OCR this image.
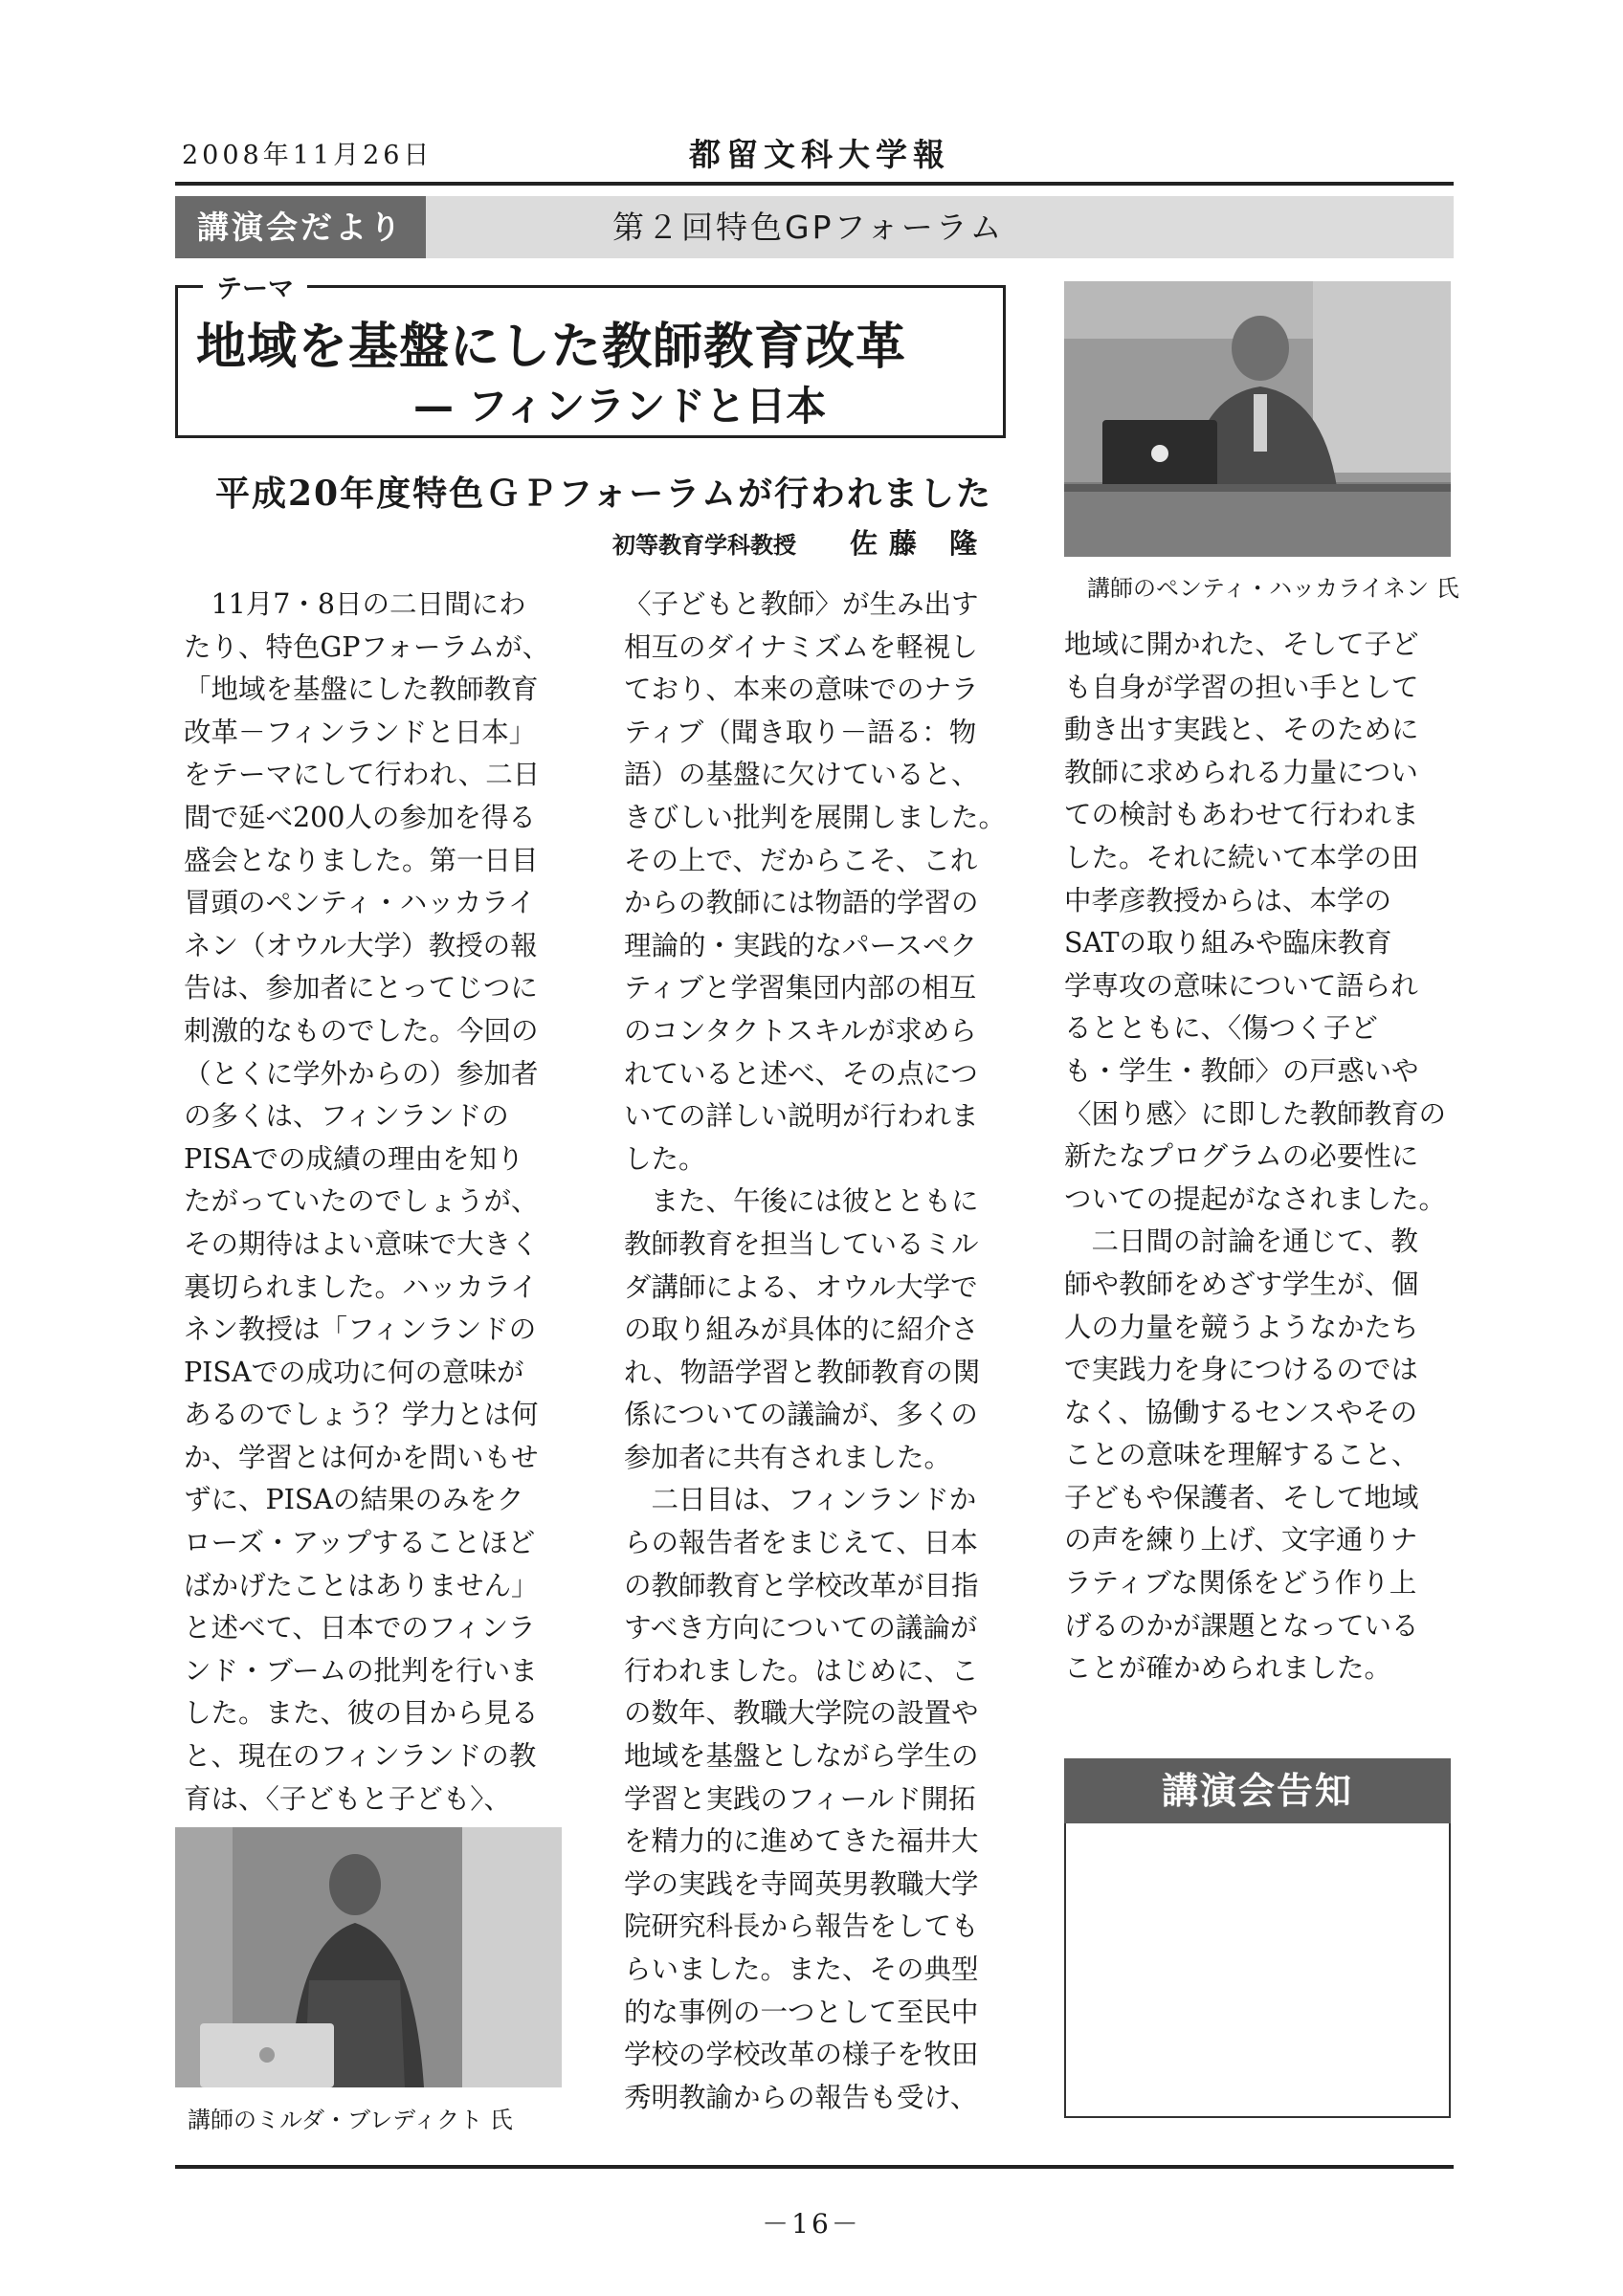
2008年11月26日	都留文科大学報
講演会だより	第２回特色GPフォーラム
テーマ
地域を基盤にした教師教育改革
— フィンランドと日本
平成20年度特色ＧＰフォーラムが行われました
初等教育学科教授 佐藤 隆
　11月7・8日の二日間にわ
たり、特色GPフォーラムが、
「地域を基盤にした教師教育
改革－フィンランドと日本」
をテーマにして行われ、二日
間で延べ200人の参加を得る
盛会となりました。第一日目
冒頭のペンティ・ハッカライ
ネン（オウル大学）教授の報
告は、参加者にとってじつに
刺激的なものでした。今回の
（とくに学外からの）参加者
の多くは、フィンランドの
PISAでの成績の理由を知り
たがっていたのでしょうが、
その期待はよい意味で大きく
裏切られました。ハッカライ
ネン教授は「フィンランドの
PISAでの成功に何の意味が
あるのでしょう？学力とは何
か、学習とは何かを問いもせ
ずに、PISAの結果のみをク
ローズ・アップすることほど
ばかげたことはありません」
と述べて、日本でのフィンラ
ンド・ブームの批判を行いま
した。また、彼の目から見る
と、現在のフィンランドの教
育は、〈子どもと子ども〉、
〈子どもと教師〉が生み出す
相互のダイナミズムを軽視し
ており、本来の意味でのナラ
ティブ（聞き取り－語る：物
語）の基盤に欠けていると、
きびしい批判を展開しました。
その上で、だからこそ、これ
からの教師には物語的学習の
理論的・実践的なパースペク
ティブと学習集団内部の相互
のコンタクトスキルが求めら
れていると述べ、その点につ
いての詳しい説明が行われま
した。
　また、午後には彼とともに
教師教育を担当しているミル
ダ講師による、オウル大学で
の取り組みが具体的に紹介さ
れ、物語学習と教師教育の関
係についての議論が、多くの
参加者に共有されました。
　二日目は、フィンランドか
らの報告者をまじえて、日本
の教師教育と学校改革が目指
すべき方向についての議論が
行われました。はじめに、こ
の数年、教職大学院の設置や
地域を基盤としながら学生の
学習と実践のフィールド開拓
を精力的に進めてきた福井大
学の実践を寺岡英男教職大学
院研究科長から報告をしても
らいました。また、その典型
的な事例の一つとして至民中
学校の学校改革の様子を牧田
秀明教諭からの報告も受け、
地域に開かれた、そして子ど
も自身が学習の担い手として
動き出す実践と、そのために
教師に求められる力量につい
ての検討もあわせて行われま
した。それに続いて本学の田
中孝彦教授からは、本学の
SATの取り組みや臨床教育
学専攻の意味について語られ
るとともに、〈傷つく子ど
も・学生・教師〉の戸惑いや
〈困り感〉に即した教師教育の
新たなプログラムの必要性に
ついての提起がなされました。
　二日間の討論を通じて、教
師や教師をめざす学生が、個
人の力量を競うようなかたち
で実践力を身につけるのでは
なく、協働するセンスやその
ことの意味を理解すること、
子どもや保護者、そして地域
の声を練り上げ、文字通りナ
ラティブな関係をどう作り上
げるのかが課題となっている
ことが確かめられました。
講師のペンティ・ハッカライネン 氏
講師のミルダ・ブレディクト 氏
講演会告知
－16－
